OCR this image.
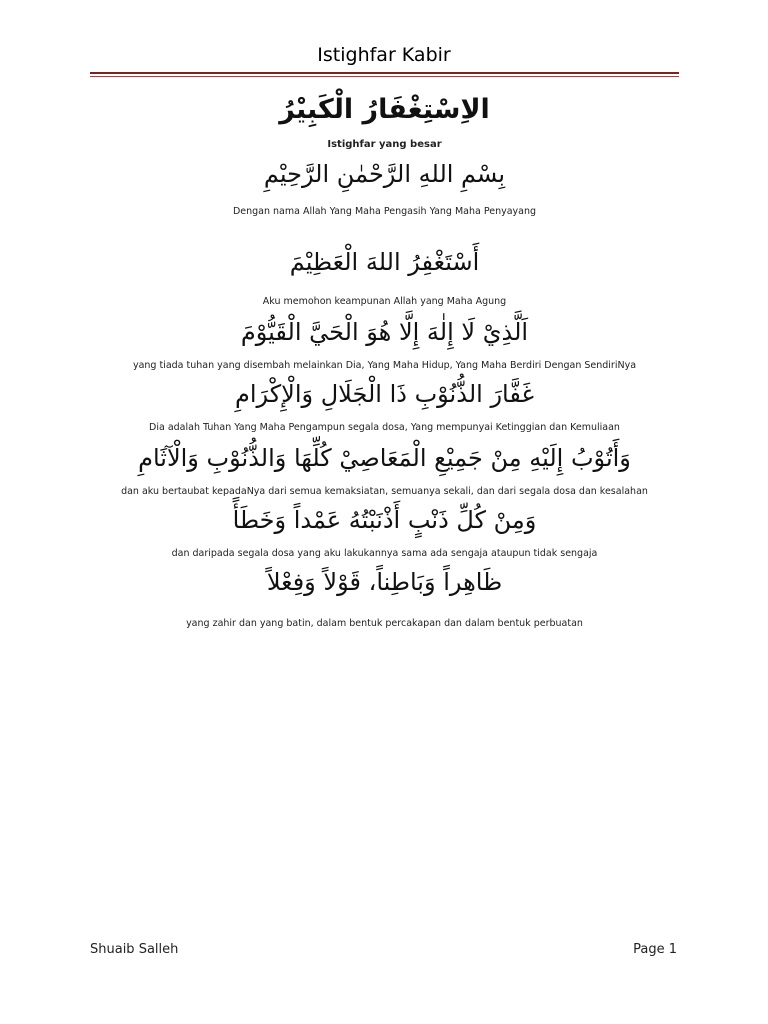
Istighfar Kabir
الاِسْتِغْفَارُ الْكَبِيْرُ
Istighfar yang besar
بِسْمِ اللهِ الرَّحْمٰنِ الرَّحِيْمِ
Dengan nama Allah Yang Maha Pengasih Yang Maha Penyayang
أَسْتَغْفِرُ اللهَ الْعَظِيْمَ
Aku memohon keampunan Allah yang Maha Agung
اَلَّذِيْ لَا إِلٰهَ إِلَّا هُوَ الْحَيَّ الْقَيُّوْمَ
yang tiada tuhan yang disembah melainkan Dia, Yang Maha Hidup, Yang Maha Berdiri Dengan SendiriNya
غَفَّارَ الذُّنُوْبِ ذَا الْجَلَالِ وَالْإِكْرَامِ
Dia adalah Tuhan Yang Maha Pengampun segala dosa, Yang mempunyai Ketinggian dan Kemuliaan
وَأَتُوْبُ إِلَيْهِ مِنْ جَمِيْعِ الْمَعَاصِيْ كُلِّهَا وَالذُّنُوْبِ وَالْآثَامِ
dan aku bertaubat kepadaNya dari semua kemaksiatan, semuanya sekali, dan dari segala dosa dan kesalahan
وَمِنْ كُلِّ ذَنْبٍ أَذْنَبْتُهُ عَمْداً وَخَطَأً
dan daripada segala dosa yang aku lakukannya sama ada sengaja ataupun tidak sengaja
ظَاهِراً وَبَاطِناً، قَوْلاً وَفِعْلاً
yang zahir dan yang batin, dalam bentuk percakapan dan dalam bentuk perbuatan
Shuaib Salleh	Page 1
